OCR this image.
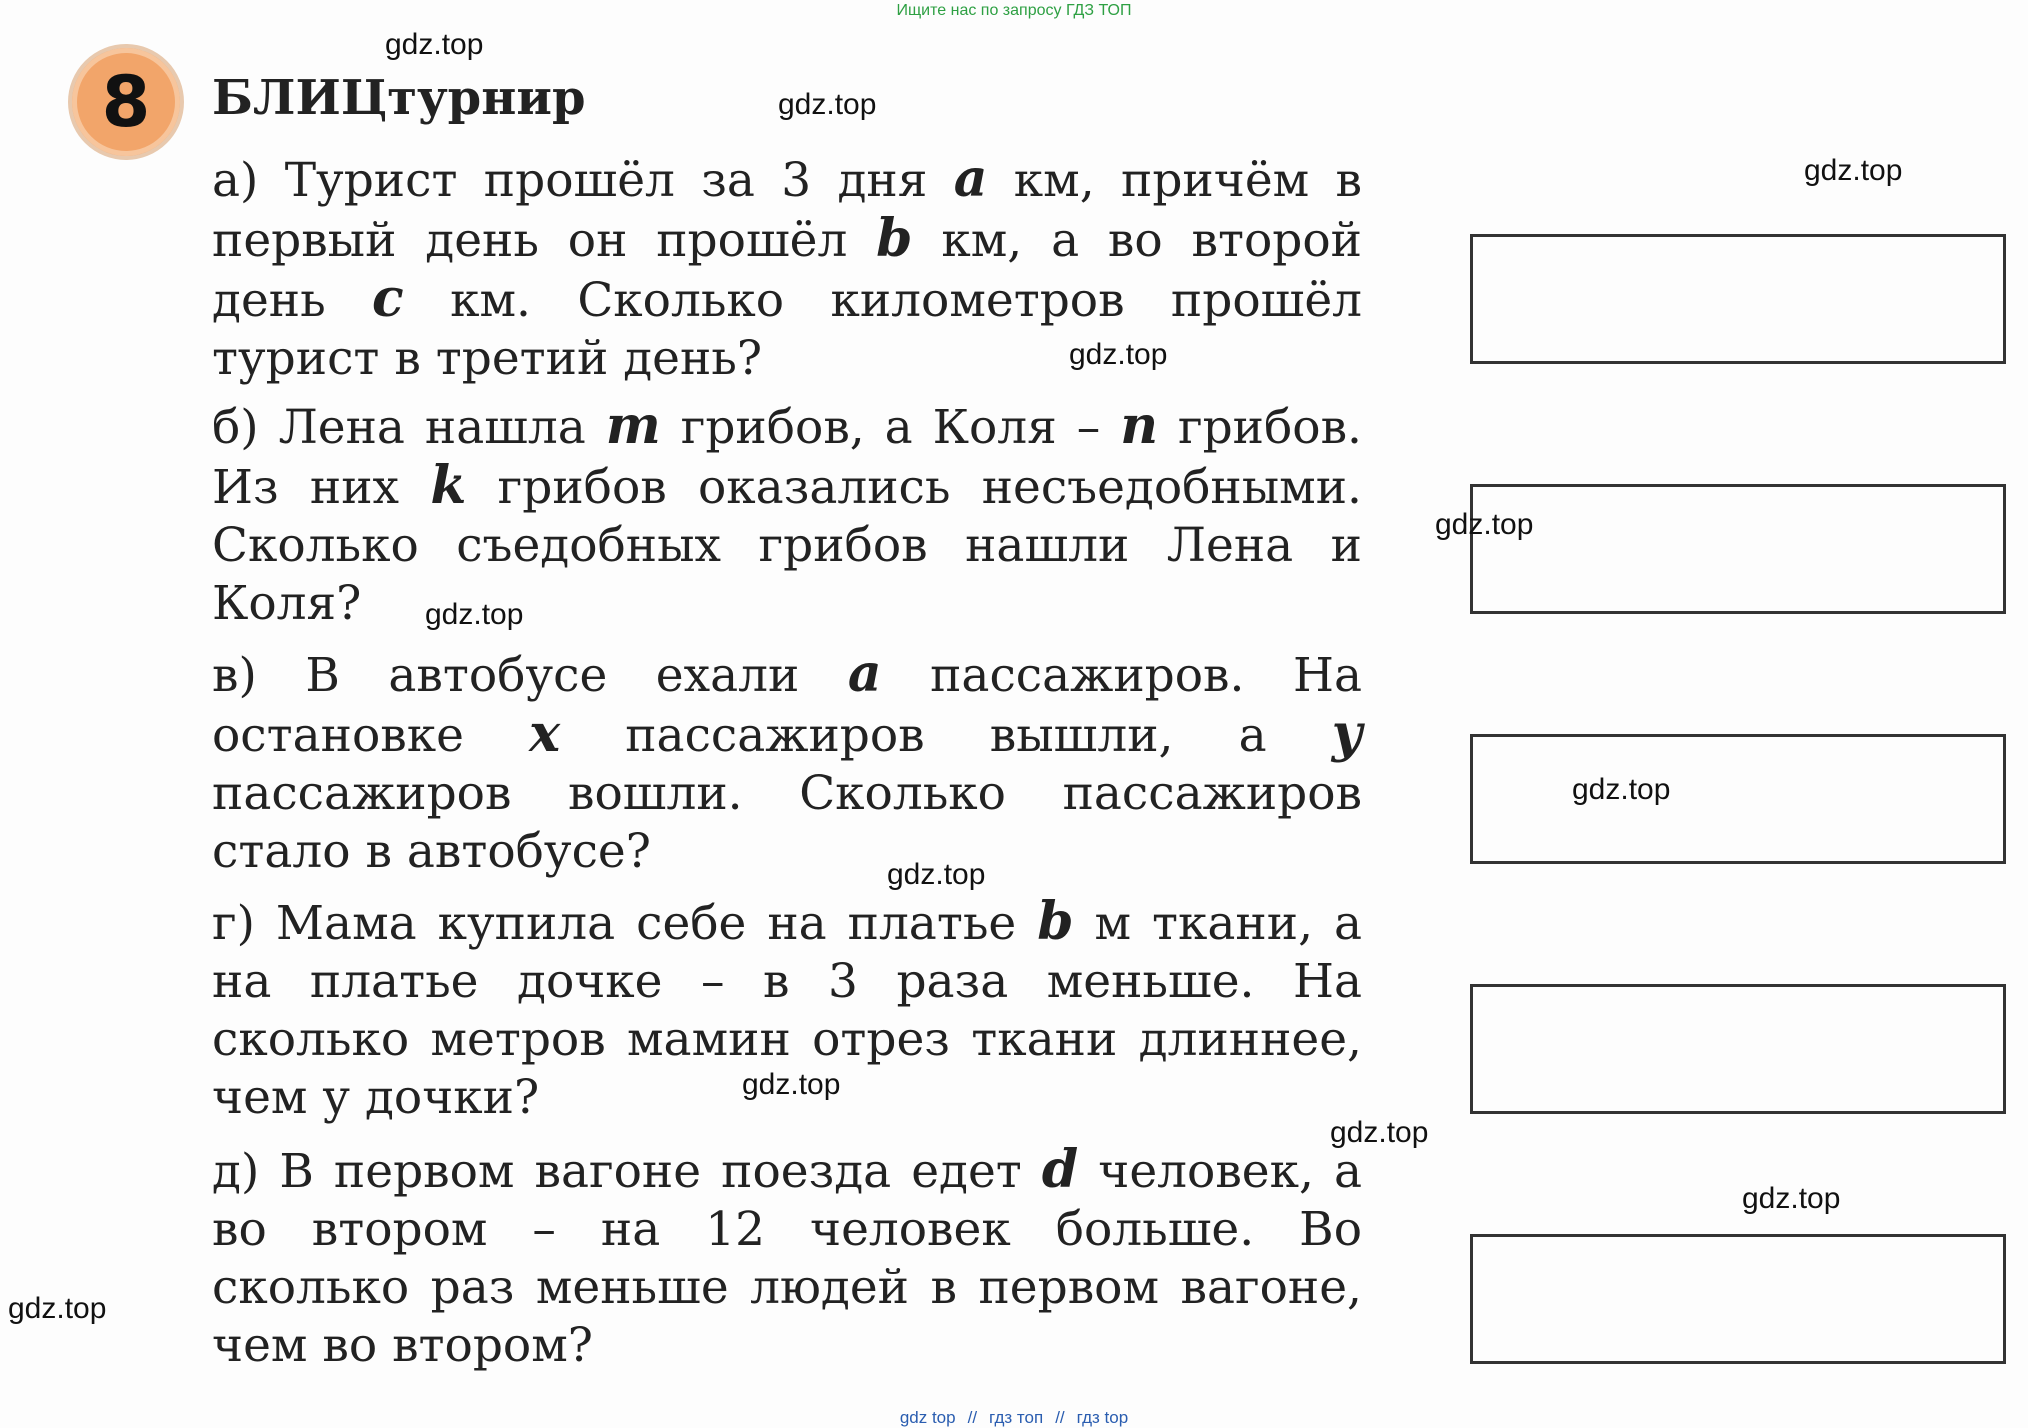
Ищите нас по запросу ГДЗ ТОП
8	БЛИЦтурнир
а) Турист прошёл за 3 дня a км, причём в первый день он прошёл b км, а во второй день c км. Сколько километров прошёл турист в третий день?
б) Лена нашла m грибов, а Коля – n грибов. Из них k грибов оказались несъедобными. Сколько съедобных грибов нашли Лена и Коля?
в) В автобусе ехали a пассажиров. На остановке x пассажиров вышли, а y пассажиров вошли. Сколько пассажиров стало в автобусе?
г) Мама купила себе на платье b м ткани, а на платье дочке – в 3 раза меньше. На сколько метров мамин отрез ткани длиннее, чем у дочки?
д) В первом вагоне поезда едет d человек, а во втором – на 12 человек больше. Во сколько раз меньше людей в первом вагоне, чем во втором?
gdz.top
gdz.top
gdz.top
gdz.top
gdz.top
gdz.top
gdz.top
gdz.top
gdz.top
gdz.top
gdz.top
gdz.top
gdz top // гдз топ // гдз top
